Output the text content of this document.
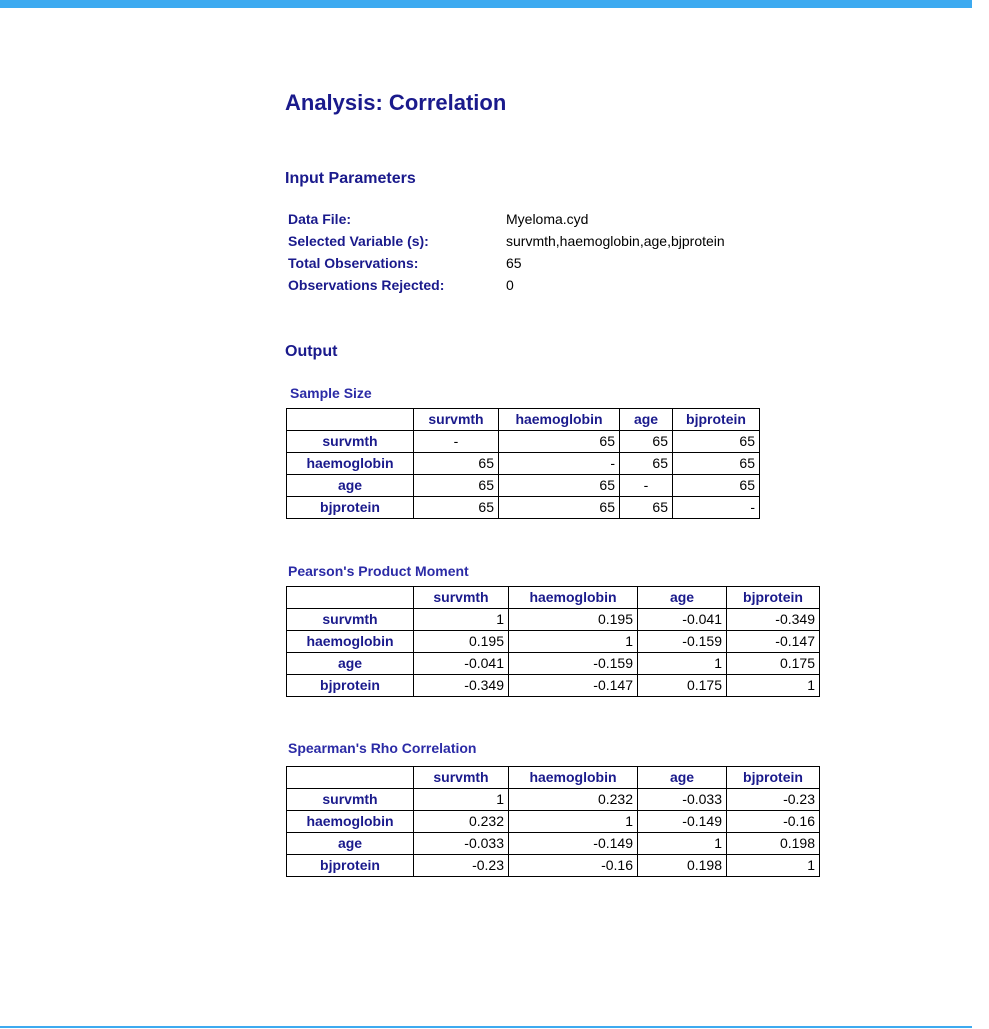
Analysis: Correlation
Input Parameters
Data File:	Myeloma.cyd
Selected Variable (s):	survmth,haemoglobin,age,bjprotein
Total Observations:	65
Observations Rejected:	0
Output
Sample Size
	survmth	haemoglobin	age	bjprotein
survmth	-	65	65	65
haemoglobin	65	-	65	65
age	65	65	-	65
bjprotein	65	65	65	-
Pearson's Product Moment
	survmth	haemoglobin	age	bjprotein
survmth	1	0.195	-0.041	-0.349
haemoglobin	0.195	1	-0.159	-0.147
age	-0.041	-0.159	1	0.175
bjprotein	-0.349	-0.147	0.175	1
Spearman's Rho Correlation
	survmth	haemoglobin	age	bjprotein
survmth	1	0.232	-0.033	-0.23
haemoglobin	0.232	1	-0.149	-0.16
age	-0.033	-0.149	1	0.198
bjprotein	-0.23	-0.16	0.198	1
